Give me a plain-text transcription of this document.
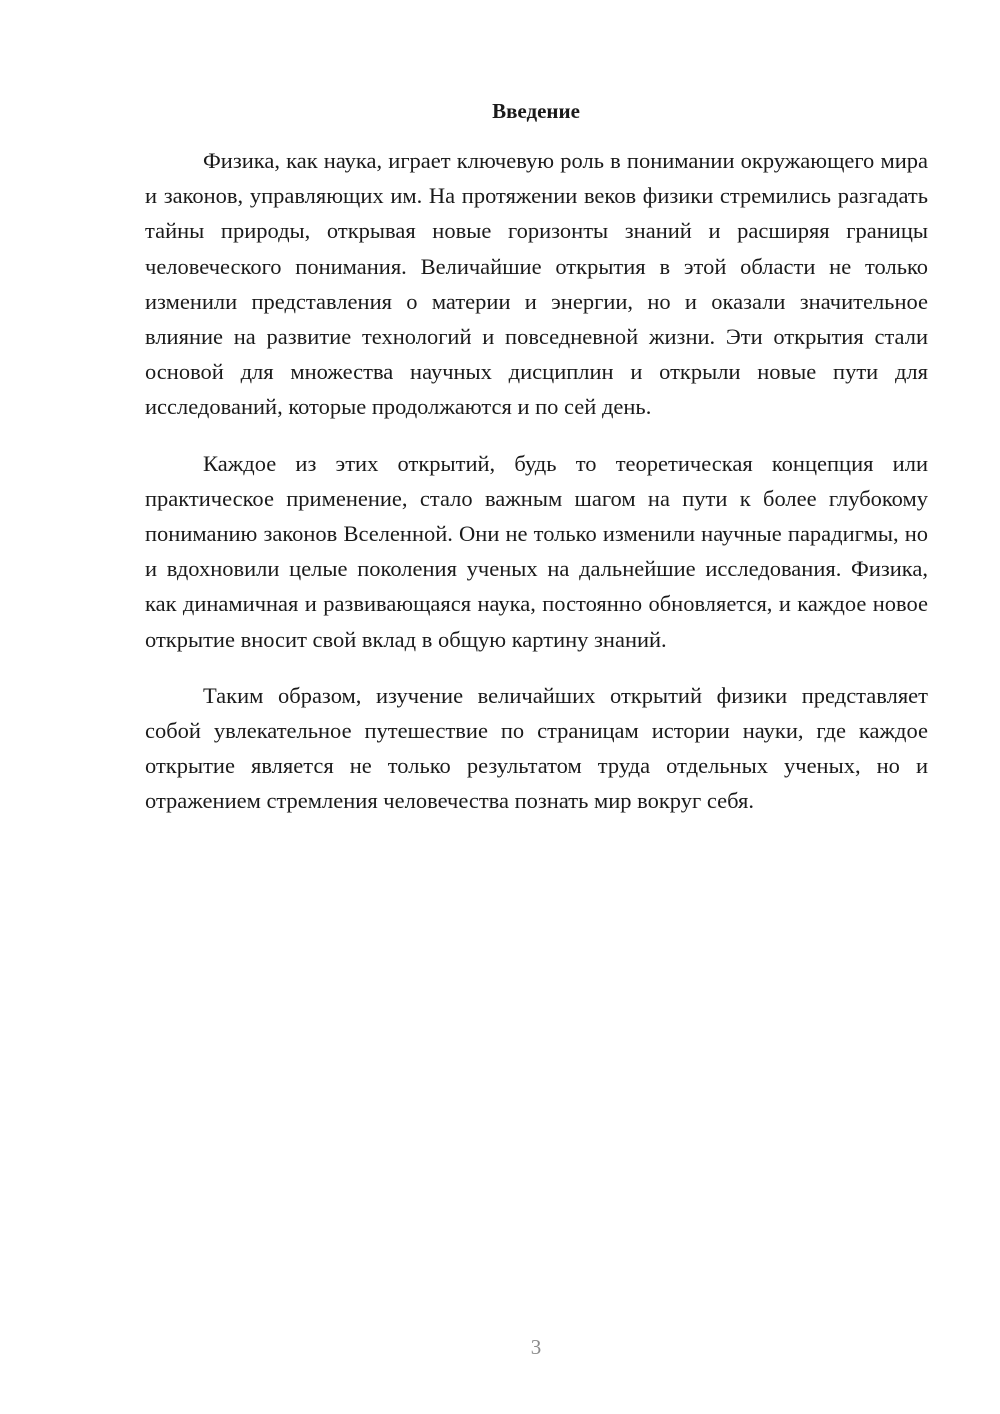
Введение

Физика, как наука, играет ключевую роль в понимании окружающего мира и законов, управляющих им. На протяжении веков физики стремились разгадать тайны природы, открывая новые горизонты знаний и расширяя границы человеческого понимания. Величайшие открытия в этой области не только изменили представления о материи и энергии, но и оказали значительное влияние на развитие технологий и повседневной жизни. Эти открытия стали основой для множества научных дисциплин и открыли новые пути для исследований, которые продолжаются и по сей день.

Каждое из этих открытий, будь то теоретическая концепция или практическое применение, стало важным шагом на пути к более глубокому пониманию законов Вселенной. Они не только изменили научные парадигмы, но и вдохновили целые поколения ученых на дальнейшие исследования. Физика, как динамичная и развивающаяся наука, постоянно обновляется, и каждое новое открытие вносит свой вклад в общую картину знаний.

Таким образом, изучение величайших открытий физики представляет собой увлекательное путешествие по страницам истории науки, где каждое открытие является не только результатом труда отдельных ученых, но и отражением стремления человечества познать мир вокруг себя.

3
